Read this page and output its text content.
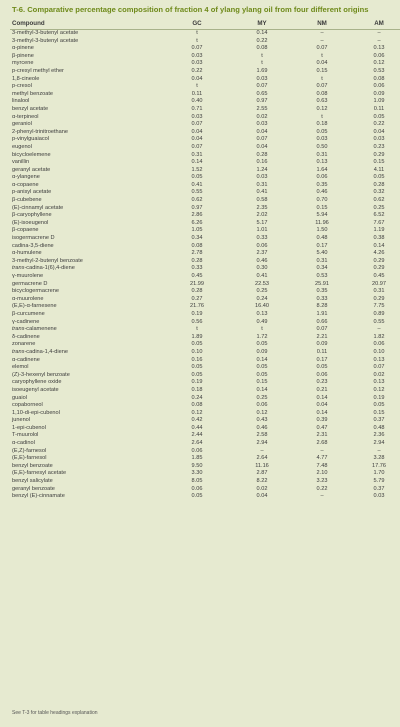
T-6. Comparative percentage composition of fraction 4 of ylang ylang oil from four different origins
Compound	GC	MY	NM	AM
3-methyl-3-butenyl acetate	t	0.14	–	–
3-methyl-3-butenyl acetate	t	0.22	–	–
α-pinene	0.07	0.08	0.07	0.13
β-pinene	0.03	t	t	0.06
myrcene	0.03	t	0.04	0.12
p-cresyl methyl ether	0.22	1.69	0.15	0.53
1,8-cineole	0.04	0.03	t	0.08
p-cresol	t	0.07	0.07	0.06
methyl benzoate	0.11	0.65	0.08	0.09
linalool	0.40	0.97	0.63	1.09
benzyl acetate	0.71	2.55	0.12	0.11
α-terpineol	0.03	0.02	t	0.05
geraniol	0.07	0.03	0.18	0.22
2-phenyl-trinitroethane	0.04	0.04	0.05	0.04
p-vinylguaiacol	0.04	0.07	0.03	0.03
eugenol	0.07	0.04	0.50	0.23
bicycloelemene	0.31	0.28	0.31	0.29
vanillin	0.14	0.16	0.13	0.15
geranyl acetate	1.52	1.24	1.64	4.11
α-ylangene	0.05	0.03	0.06	0.05
α-copaene	0.41	0.31	0.35	0.28
p-anisyl acetate	0.55	0.41	0.46	0.32
β-cubebene	0.62	0.58	0.70	0.62
(E)-cinnamyl acetate	0.97	2.35	0.15	0.25
β-caryophyllene	2.86	2.02	5.94	6.52
(E)-isoeugenol	6.26	5.17	11.96	7.67
β-copaene	1.05	1.01	1.50	1.19
isogermacrene D	0.34	0.33	0.48	0.38
cadina-3,5-diene	0.08	0.06	0.17	0.14
α-humulene	2.78	2.37	5.40	4.26
3-methyl-2-butenyl benzoate	0.28	0.46	0.31	0.29
trans-cadina-1(6),4-diene	0.33	0.30	0.34	0.29
γ-muurolene	0.45	0.41	0.53	0.45
germacrene D	21.99	22.53	25.91	20.97
bicyclogermacrene	0.28	0.25	0.35	0.31
α-muurolene	0.27	0.24	0.33	0.29
(E,E)-α-farnesene	21.76	16.40	8.28	7.75
β-curcumene	0.19	0.13	1.91	0.89
γ-cadinene	0.56	0.49	0.66	0.55
trans-calamenene	t	t	0.07	–
δ-cadinene	1.89	1.72	2.21	1.82
zonarene	0.05	0.05	0.09	0.06
trans-cadina-1,4-diene	0.10	0.09	0.11	0.10
α-cadinene	0.16	0.14	0.17	0.13
elemol	0.05	0.05	0.05	0.07
(Z)-3-hexenyl benzoate	0.05	0.05	0.06	0.02
caryophyllene oxide	0.19	0.15	0.23	0.13
isoeugenyl acetate	0.18	0.14	0.21	0.12
guaiol	0.24	0.25	0.14	0.19
copaborneol	0.08	0.06	0.04	0.05
1,10-di-epi-cubenol	0.12	0.12	0.14	0.15
junenol	0.42	0.43	0.39	0.37
1-epi-cubenol	0.44	0.46	0.47	0.48
T-muurolol	2.44	2.58	2.31	2.36
α-cadinol	2.64	2.94	2.68	2.94
(E,Z)-farnesol	0.06	–	–	–
(E,E)-farnesol	1.85	2.64	4.77	3.28
benzyl benzoate	9.50	11.16	7.48	17.76
(E,E)-farnesyl acetate	3.30	2.87	2.10	1.70
benzyl salicylate	8.05	8.22	3.23	5.79
geranyl benzoate	0.06	0.02	0.22	0.37
benzyl (E)-cinnamate	0.05	0.04	–	0.03
See T-3 for table headings explanation
